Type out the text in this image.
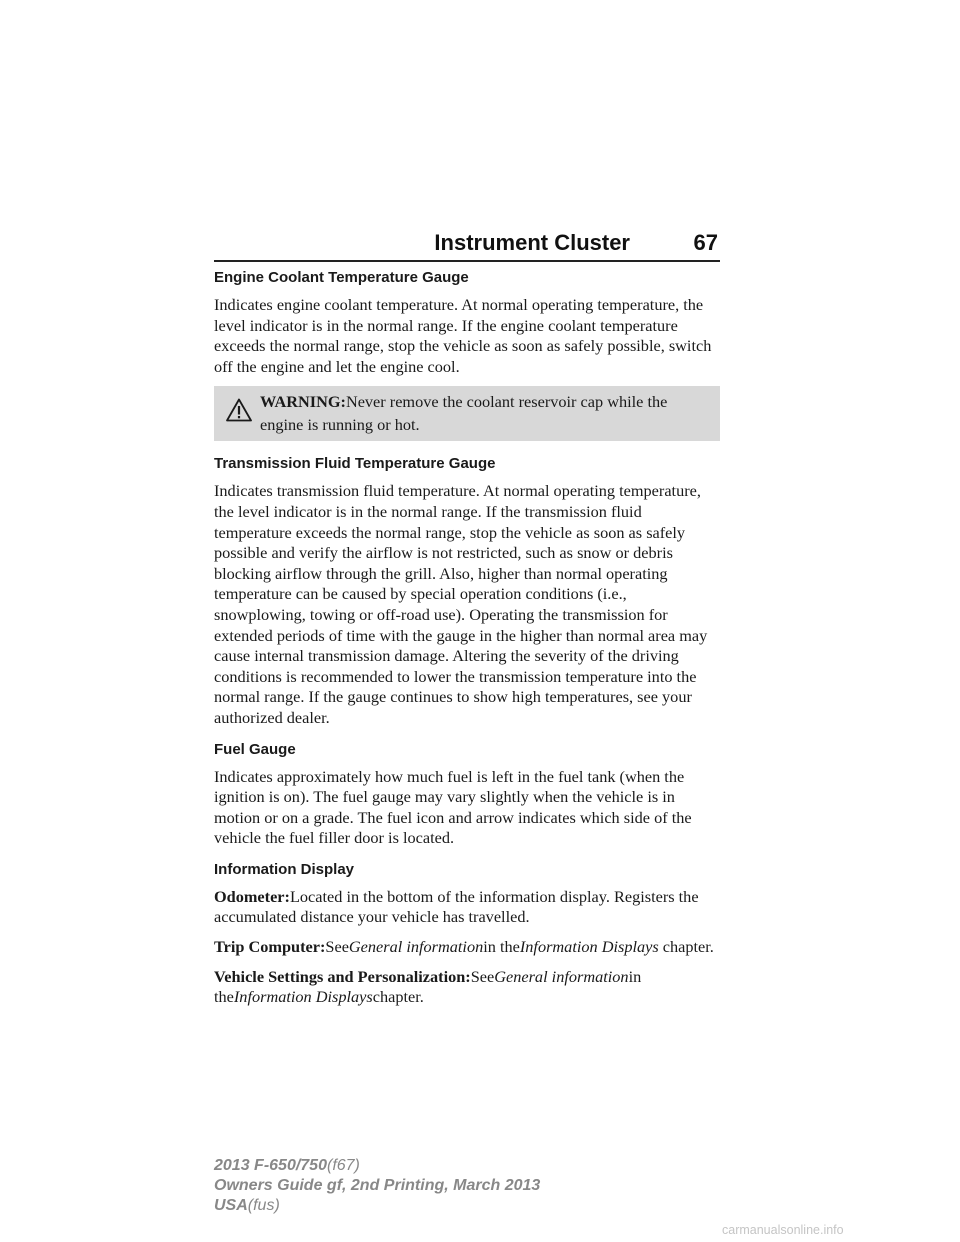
Instrument Cluster	67
Engine Coolant Temperature Gauge

Indicates engine coolant temperature. At normal operating temperature, the level indicator is in the normal range. If the engine coolant temperature exceeds the normal range, stop the vehicle as soon as safely possible, switch off the engine and let the engine cool.

WARNING:Never remove the coolant reservoir cap while the engine is running or hot.
Transmission Fluid Temperature Gauge

Indicates transmission fluid temperature. At normal operating temperature, the level indicator is in the normal range. If the transmission fluid temperature exceeds the normal range, stop the vehicle as soon as safely possible and verify the airflow is not restricted, such as snow or debris blocking airflow through the grill. Also, higher than normal operating temperature can be caused by special operation conditions (i.e., snowplowing, towing or off-road use). Operating the transmission for extended periods of time with the gauge in the higher than normal area may cause internal transmission damage. Altering the severity of the driving conditions is recommended to lower the transmission temperature into the normal range. If the gauge continues to show high temperatures, see your authorized dealer.

Fuel Gauge

Indicates approximately how much fuel is left in the fuel tank (when the ignition is on). The fuel gauge may vary slightly when the vehicle is in motion or on a grade. The fuel icon and arrow indicates which side of the vehicle the fuel filler door is located.

Information Display

Odometer:Located in the bottom of the information display. Registers the accumulated distance your vehicle has travelled.

Trip Computer:SeeGeneral informationin theInformation Displays chapter.

Vehicle Settings and Personalization:SeeGeneral informationin theInformation Displayschapter.

2013 F-650/750(f67)
Owners Guide gf, 2nd Printing, March 2013
USA(fus)
carmanualsonline.info
